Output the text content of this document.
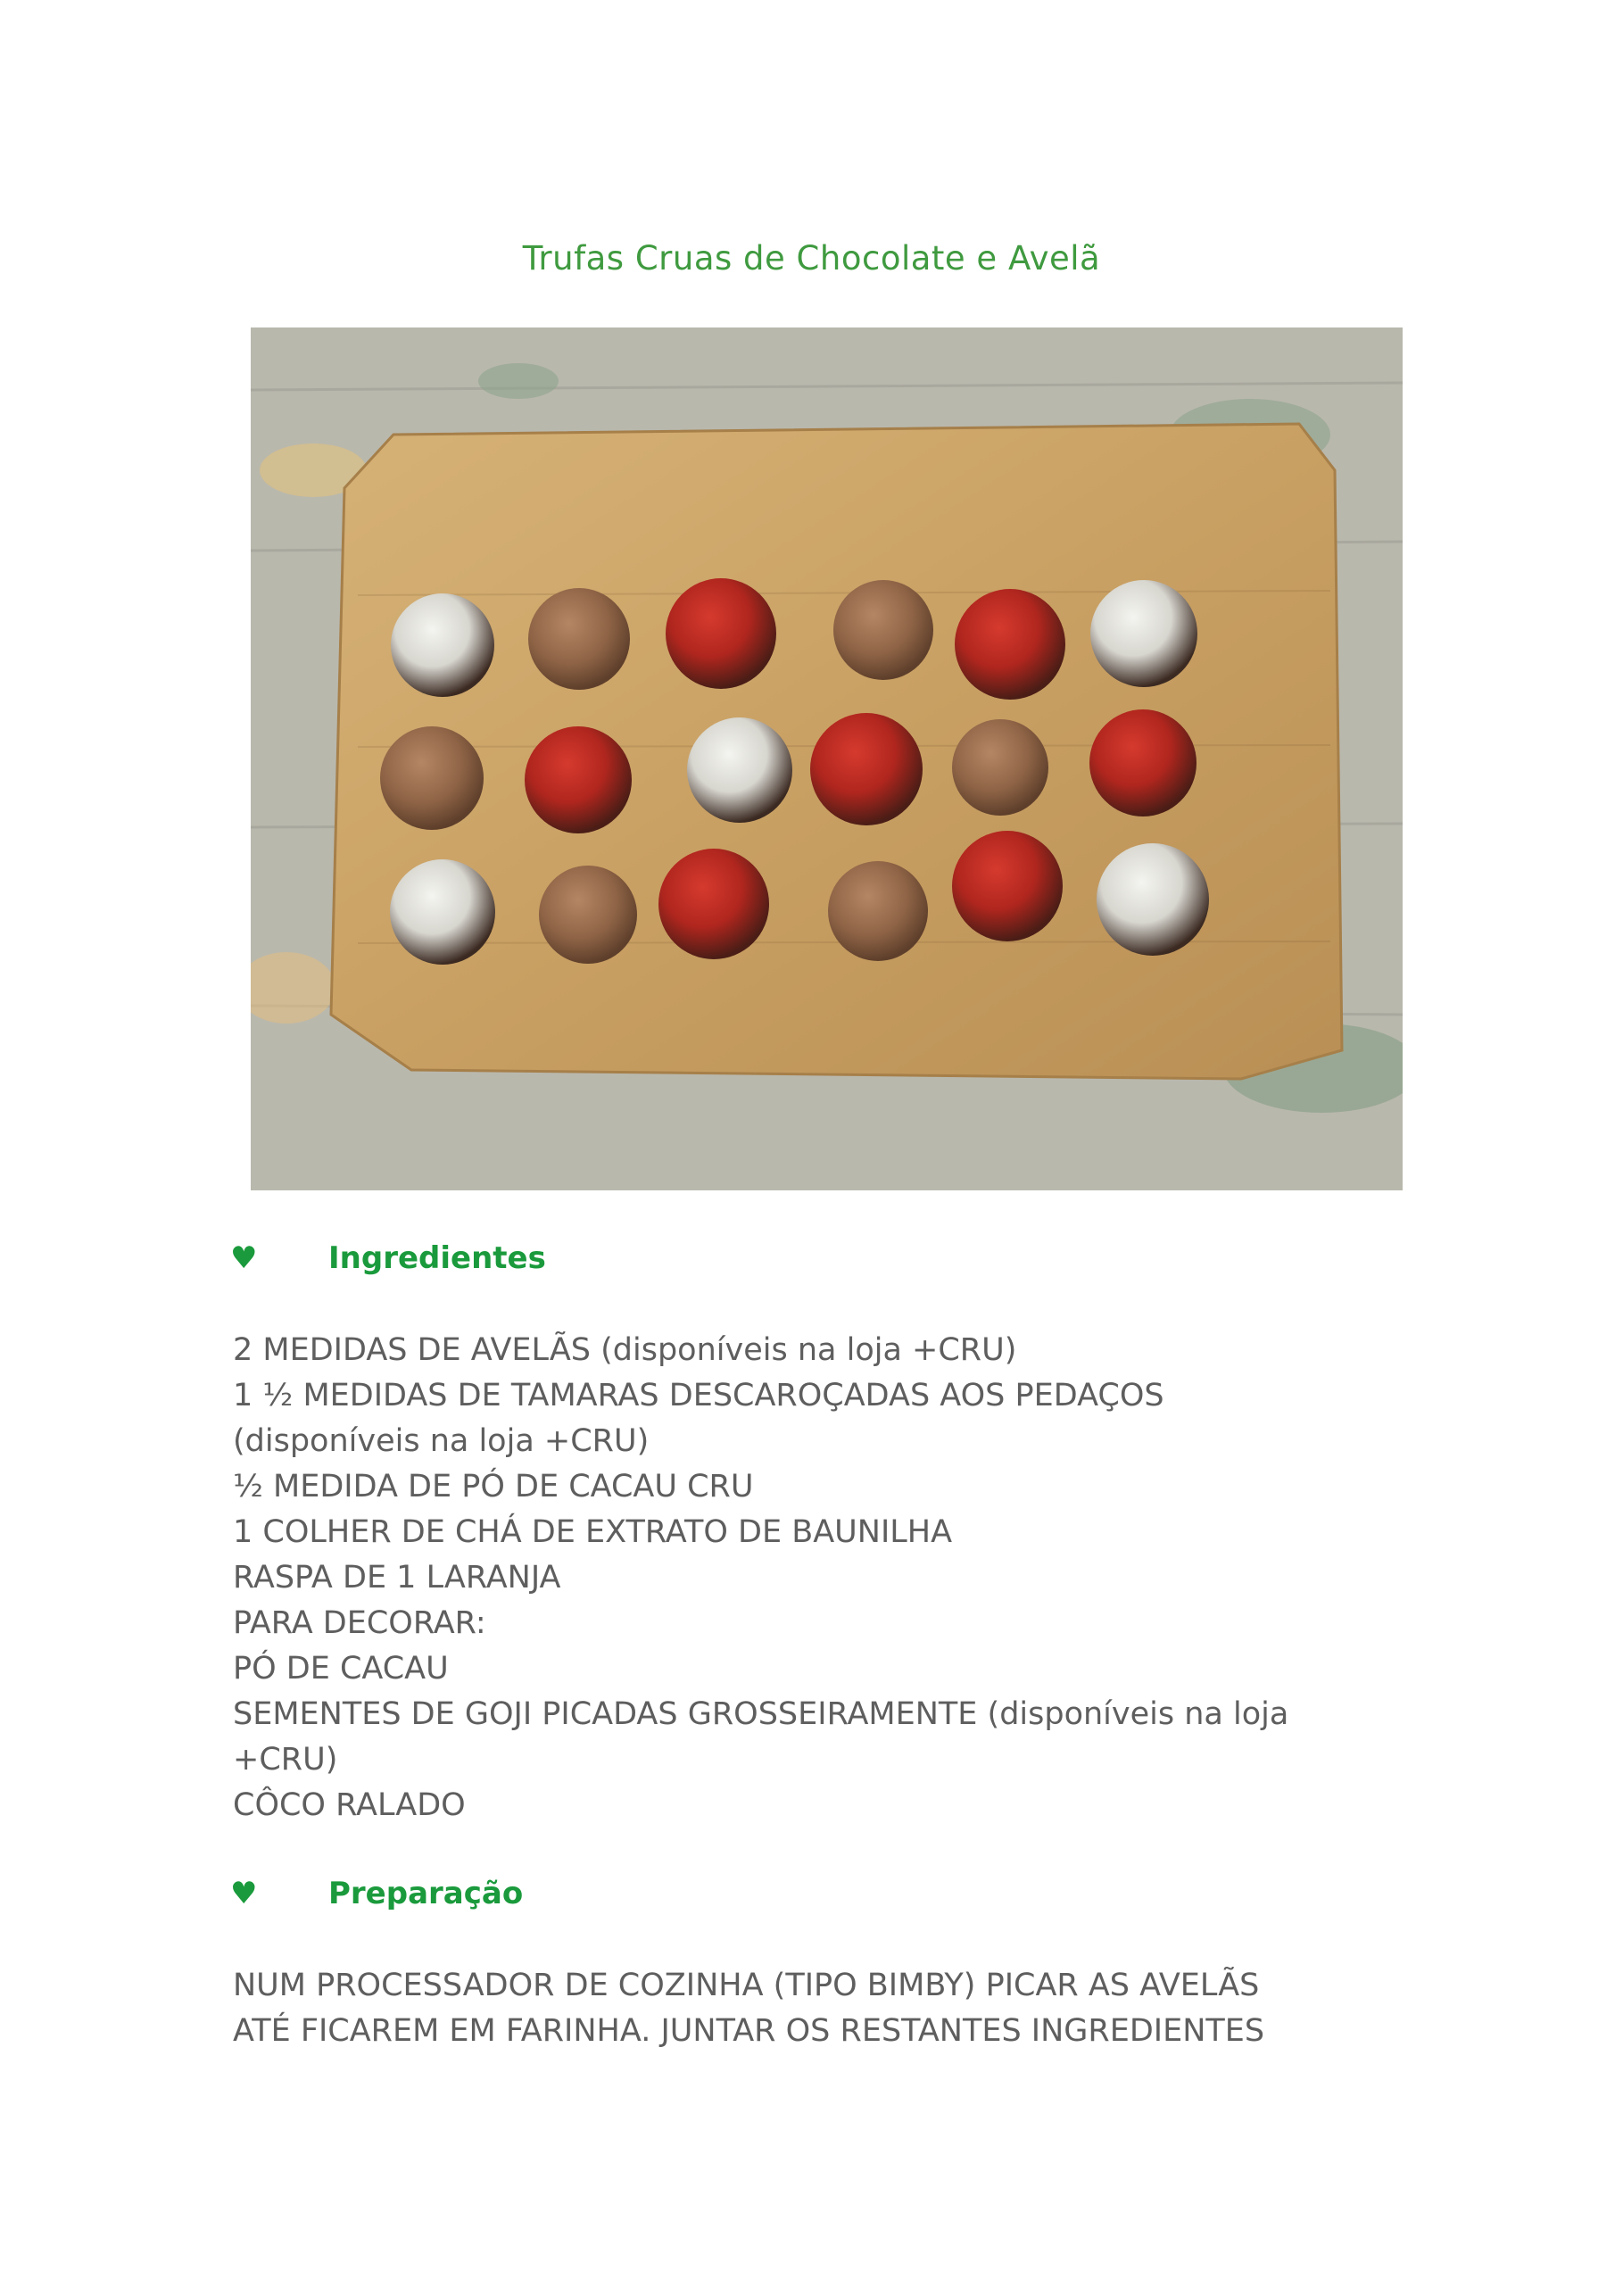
Trufas Cruas de Chocolate e Avelã
♥	Ingredientes
2 MEDIDAS DE AVELÃS (disponíveis na loja +CRU)
1 ½ MEDIDAS DE TAMARAS DESCAROÇADAS AOS PEDAÇOS
(disponíveis na loja +CRU)
½ MEDIDA DE PÓ DE CACAU CRU
1 COLHER DE CHÁ DE EXTRATO DE BAUNILHA
RASPA DE 1 LARANJA
PARA DECORAR:
PÓ DE CACAU
SEMENTES DE GOJI PICADAS GROSSEIRAMENTE (disponíveis na loja
+CRU)
CÔCO RALADO
♥	Preparação
NUM PROCESSADOR DE COZINHA (TIPO BIMBY) PICAR AS AVELÃS
ATÉ FICAREM EM FARINHA. JUNTAR OS RESTANTES INGREDIENTES
